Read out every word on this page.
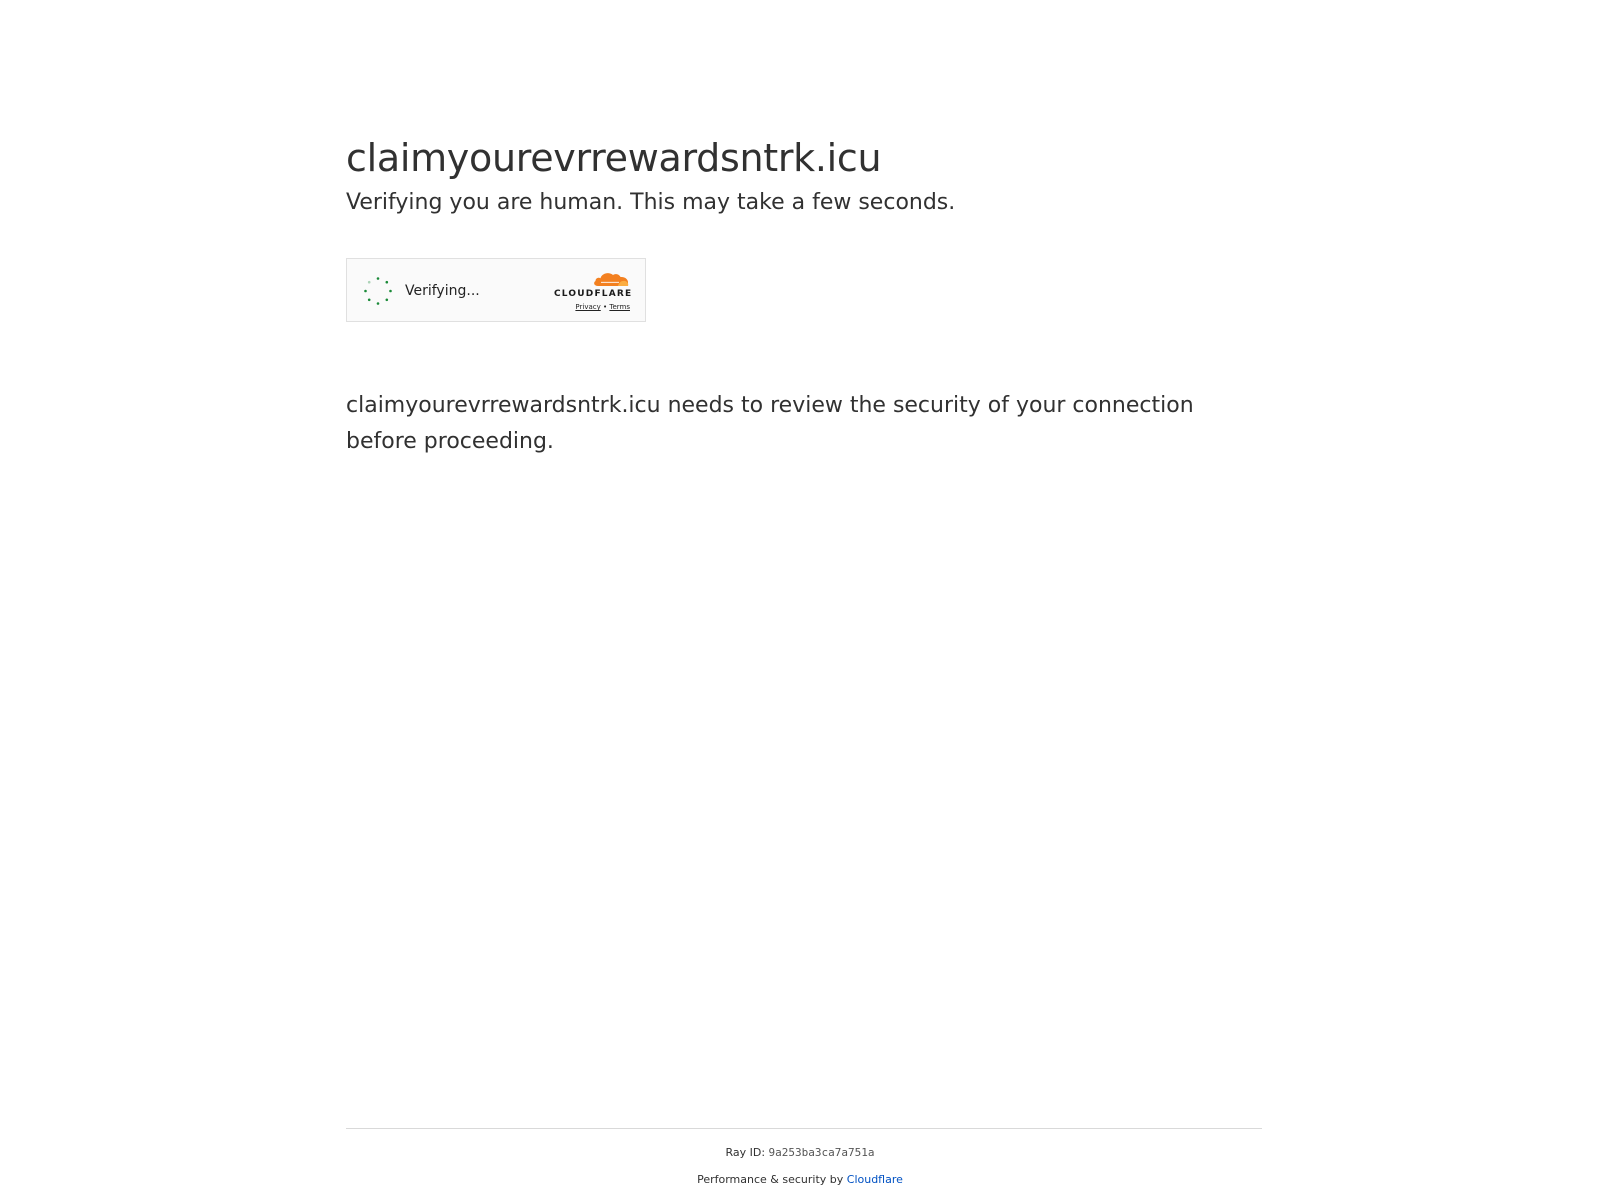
claimyourevrrewardsntrk.icu

Verifying you are human. This may take a few seconds.

Verifying...	CLOUDFLARE
Privacy • Terms

claimyourevrrewardsntrk.icu needs to review the security of your connection before proceeding.

Ray ID: 9a253ba3ca7a751a
Performance & security by Cloudflare
